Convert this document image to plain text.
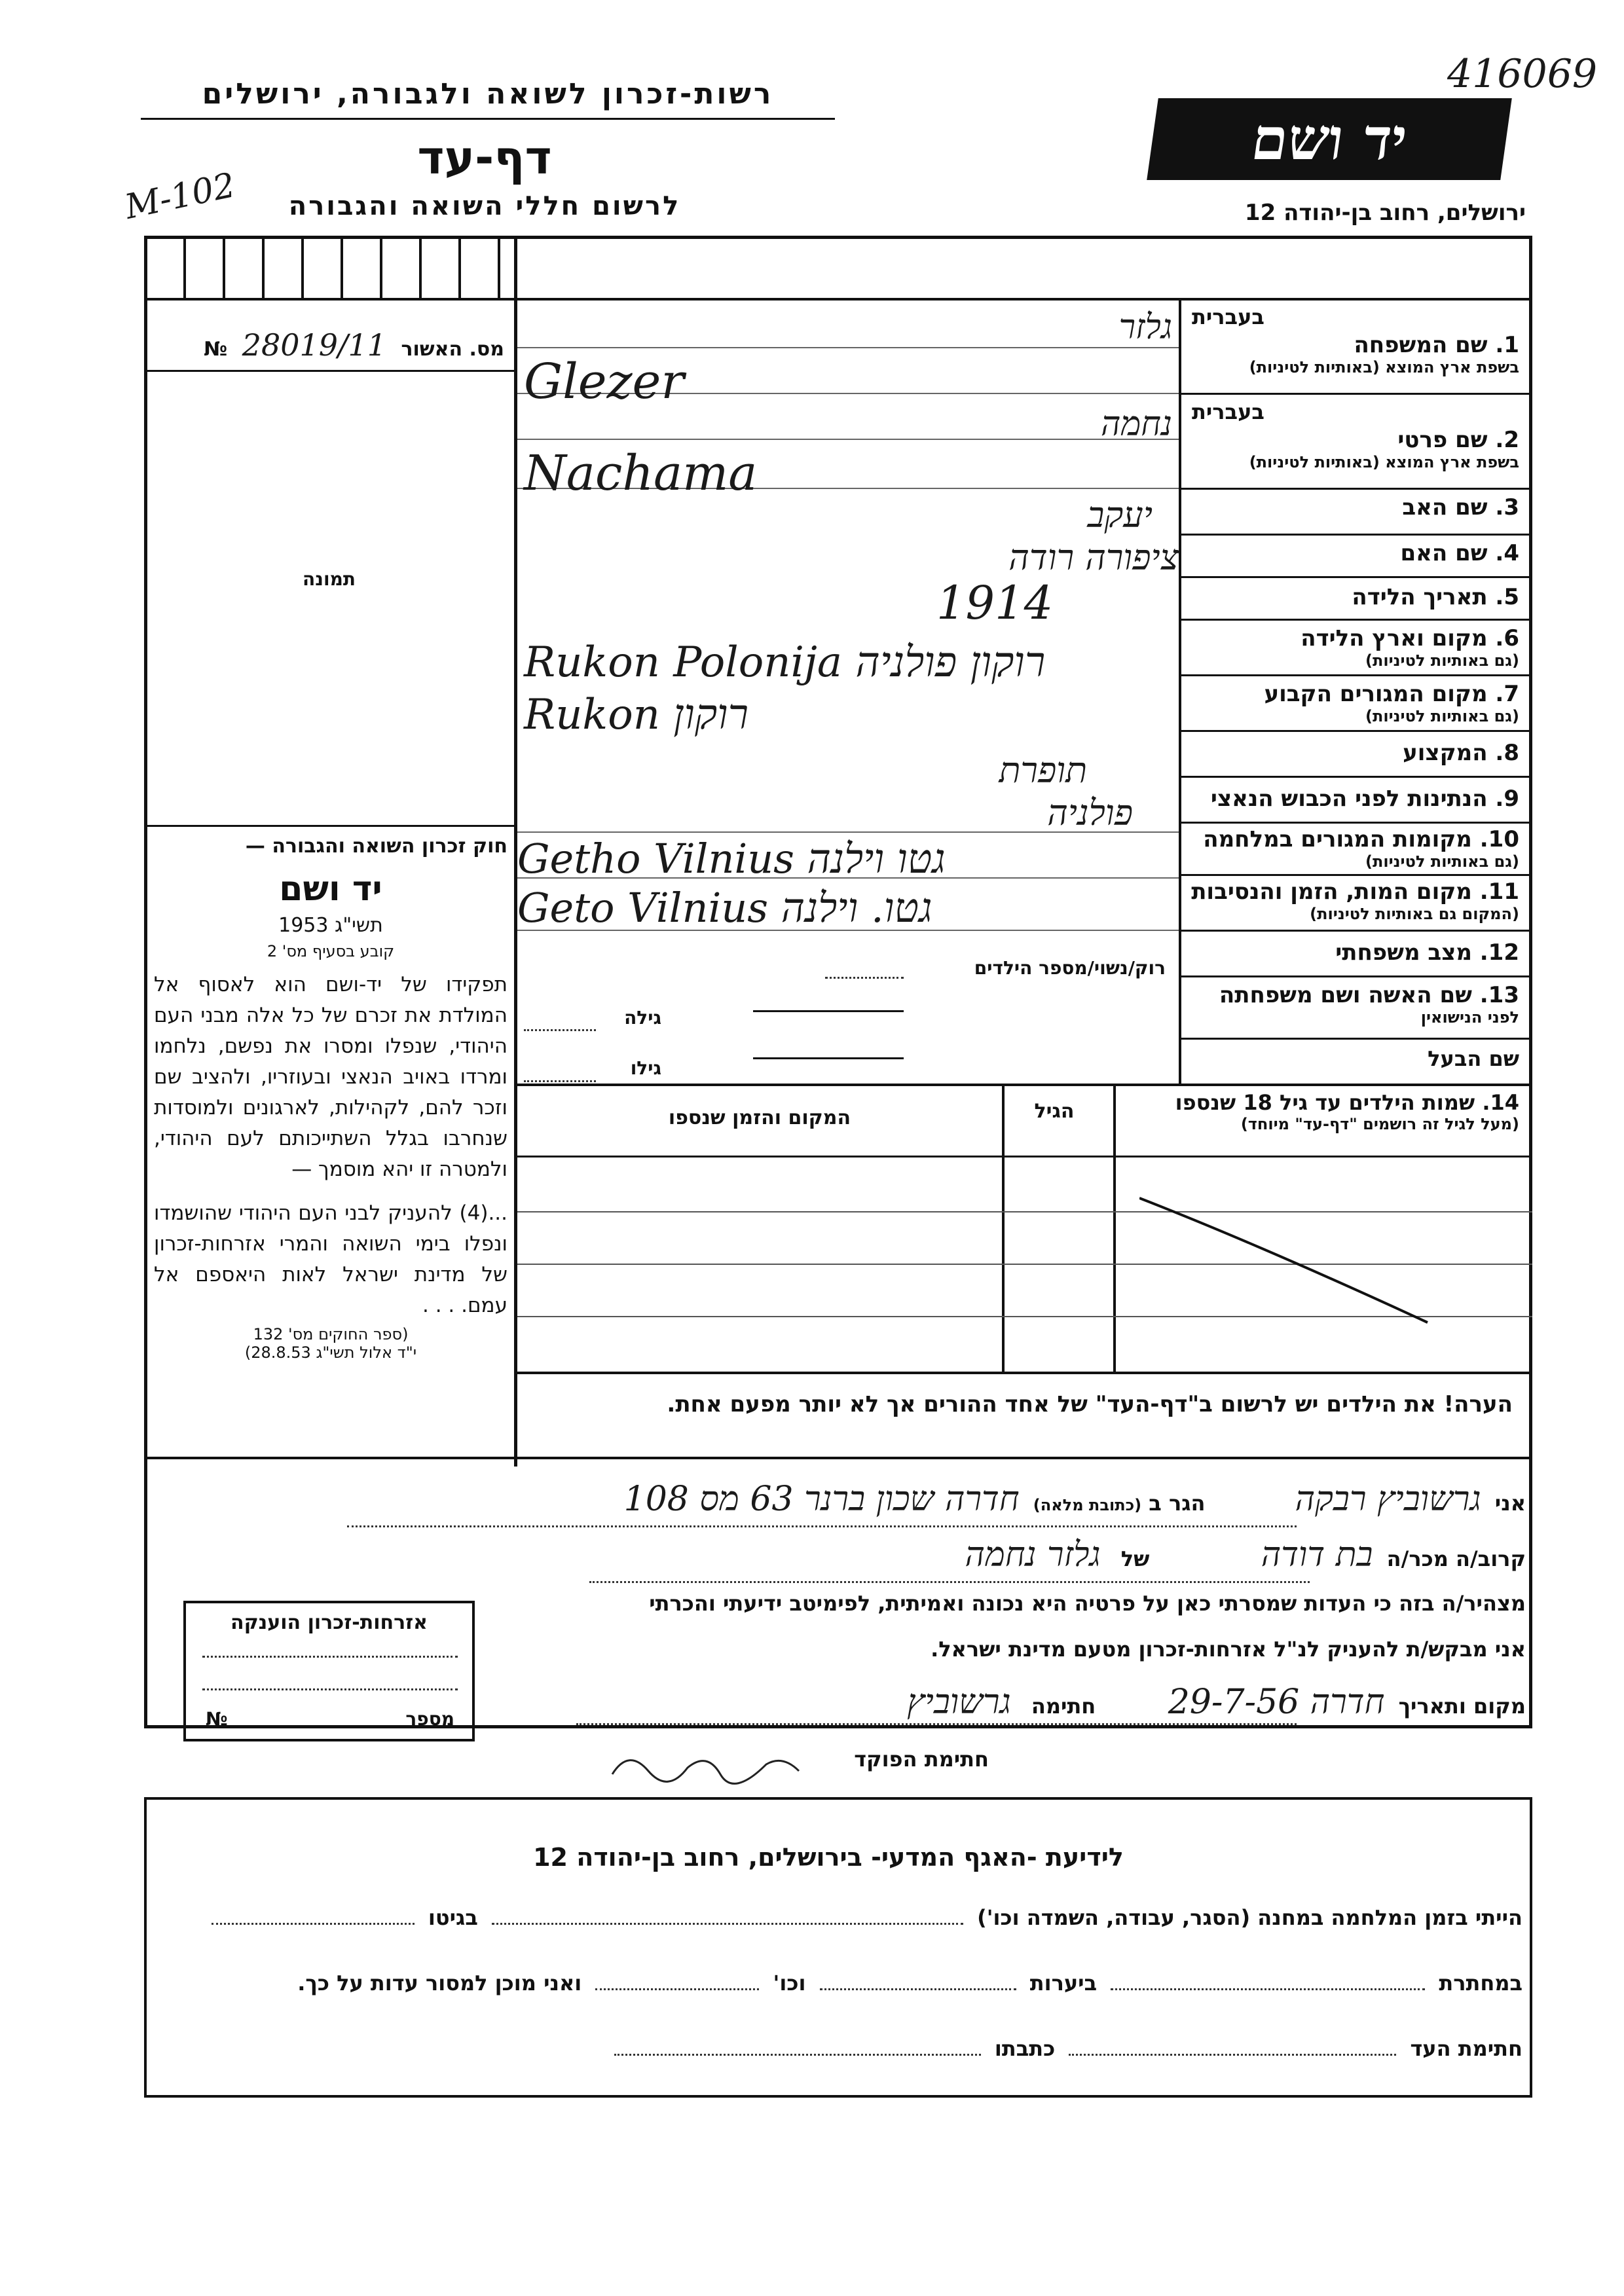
רשות-זכרון לשואה ולגבורה, ירושלים
דף-עד
M-102	לרשום חללי השואה והגבורה
יד ושם
416069
ירושלים, רחוב בן-יהודה 12
מס. האשור 28019/11 №
תמונה
חוק זכרון השואה והגבורה —
יד ושם
תשי"ג 1953
קובע בסעיף מס' 2
תפקידו של יד-ושם הוא לאסוף אל המולדת את זכרם של כל אלה מבני העם היהודי, שנפלו ומסרו את נפשם, נלחמו ומרדו באויב הנאצי ובעוזריו, ולהציב שם וזכר להם, לקהילות, לארגונים ולמוסדות שנחרבו בגלל השתייכותם לעם היהודי, ולמטרה זו יהא מוסמך —
...(4) להעניק לבני העם היהודי שהושמדו ונפלו בימי השואה והמרי אזרחות-זכרון של מדינת ישראל לאות היאספם אל עמם. . . .
(ספר החוקים מס' 132
י"ד אלול תשי"ג 28.8.53)
בעברית
1. שם המשפחה
בשפת ארץ המוצא (באותיות לטיניות)
גלזר
Glezer
בעברית
2. שם פרטי
בשפת ארץ המוצא (באותיות לטיניות)
נחמה
Nachama
3. שם האב
יעקב
4. שם האם
ציפורה רודה
5. תאריך הלידה
1914
6. מקום וארץ הלידה
(גם באותיות לטיניות)
Rukon Polonija רוקון פולניה
7. מקום המגורים הקבוע
(גם באותיות לטיניות)
Rukon רוקון
8. המקצוע
תופרת
9. הנתינות לפני הכבוש הנאצי
פולניה
10. מקומות המגורים במלחמה
(גם באותיות לטיניות)
Getho Vilnius גטו וילנה
11. מקום המות, הזמן והנסיבות
(המקום גם באותיות לטיניות)
Geto Vilnius גטו. וילנה
12. מצב משפחתי
רוק/נשוי/מספר הילדים
13. שם האשה ושם משפחתה
לפני הנישואין
גילה
שם הבעל
גילו
14. שמות הילדים עד גיל 18 שנספו
(מעל לגיל זה רושמים "דף-עד" מיוחד)
הגיל
המקום והזמן שנספו
הערה! את הילדים יש לרשום ב"דף-העד" של אחד ההורים אך לא יותר מפעם אחת.
אני גרשוביץ רבקה הגר ב (כתובת מלאה) חדרה שכון ברנר 63 מס 108
קרוב/ה מכר/ה בת דודה של גלזר נחמה
מצהיר/ה בזה כי העדות שמסרתי כאן על פרטיה היא נכונה ואמיתית, לפימיטב ידיעתי והכרתי
אני מבקש/ת להעניק לנ"ל אזרחות-זכרון מטעם מדינת ישראל.
מקום ותאריך חדרה 29-7-56 חתימה גרשוביץ
חתימת הפוקד
אזרחות-זכרון הוענקה
№	מספר
לידיעת -האגף המדעי- בירושלים, רחוב בן-יהודה 12
הייתי בזמן המלחמה במחנה (הסגר, עבודה, השמדה וכו')  בגיטו
במחתרת  ביערות  וכו'  ואני מוכן למסור עדות על כך.
חתימת העד  כתבתו
